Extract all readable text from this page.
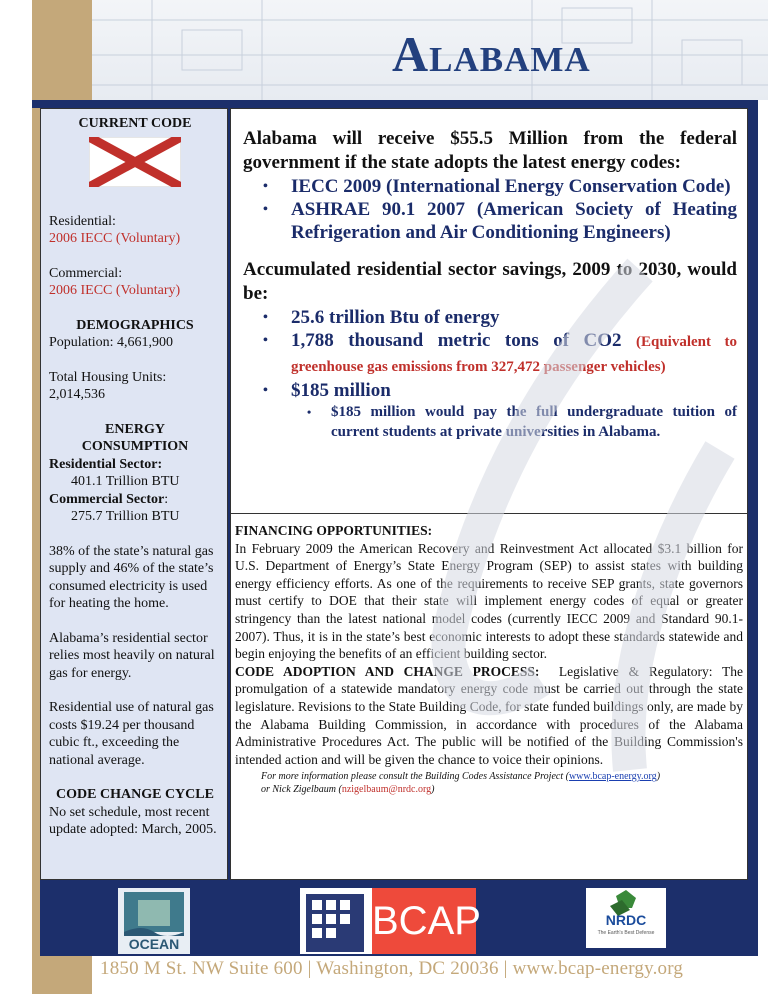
Alabama
CURRENT CODE
Residential:
2006 IECC (Voluntary)
Commercial:
2006 IECC (Voluntary)
DEMOGRAPHICS
Population: 4,661,900
Total Housing Units:
2,014,536
ENERGY
CONSUMPTION
Residential Sector:
401.1 Trillion BTU
Commercial Sector:
275.7 Trillion BTU
38% of the state’s natural gas supply and 46% of the state’s consumed electricity is used for heating the home.
Alabama’s residential sector relies most heavily on natural gas for energy.
Residential use of natural gas costs $19.24 per thousand cubic ft., exceeding the national average.
CODE CHANGE CYCLE
No set schedule, most recent update adopted: March, 2005.
Alabama will receive $55.5 Million from the federal government if the state adopts the latest energy codes:
• IECC 2009 (International Energy Conservation Code)
• ASHRAE 90.1 2007 (American Society of Heating Refrigeration and Air Conditioning Engineers)
Accumulated residential sector savings, 2009 to 2030, would be:
• 25.6 trillion Btu of energy
• 1,788 thousand metric tons of CO2 (Equivalent to greenhouse gas emissions from 327,472 passenger vehicles)
• $185 million
• $185 million would pay the full undergraduate tuition of current students at private universities in Alabama.
FINANCING OPPORTUNITIES:
In February 2009 the American Recovery and Reinvestment Act allocated $3.1 billion for U.S. Department of Energy’s State Energy Program (SEP) to assist states with building energy efficiency efforts. As one of the requirements to receive SEP grants, state governors must certify to DOE that their state will implement energy codes of equal or greater stringency than the latest national model codes (currently IECC 2009 and Standard 90.1-2007). Thus, it is in the state’s best economic interests to adopt these standards statewide and begin enjoying the benefits of an efficient building sector.
CODE ADOPTION AND CHANGE PROCESS: Legislative & Regulatory: The promulgation of a statewide mandatory energy code must be carried out through the state legislature. Revisions to the State Building Code, for state funded buildings only, are made by the Alabama Building Commission, in accordance with procedures of the Alabama Administrative Procedures Act. The public will be notified of the Building Commission's intended action and will be given the chance to voice their opinions.
For more information please consult the Building Codes Assistance Project (www.bcap-energy.org)
or Nick Zigelbaum (nzigelbaum@nrdc.org)
OCEAN
BCAP	NRDC
The Earth's Best Defense
1850 M St. NW Suite 600 | Washington, DC 20036 | www.bcap-energy.org
